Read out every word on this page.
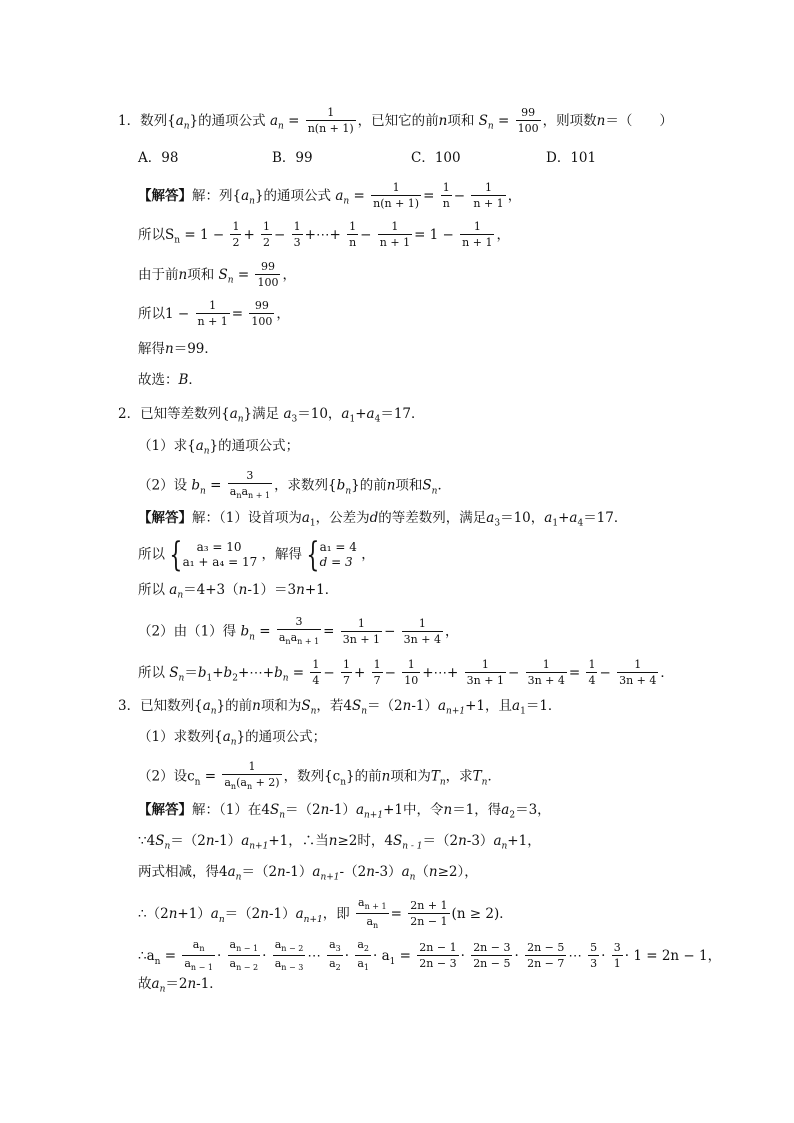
1．数列$\{a_n\}$的通项公式 $a_n = \frac{1}{n(n + 1)}$ ，已知它的前n项和 $S_n = \frac{99}{100}$ ，则项数n＝（　　）
A．98	B．99	C．100	D．101
【解答】解：列$\{a_n\}$的通项公式 $a_n = \frac{1}{n(n + 1)} = \frac{1}{n} - \frac{1}{n + 1}$ ，
所以$S_n = 1 - \frac{1}{2} + \frac{1}{2} - \frac{1}{3}$ +⋯+ $\frac{1}{n} - \frac{1}{n + 1} = 1 - \frac{1}{n + 1}$ ，
由于前n项和 $S_n = \frac{99}{100}$ ，
所以$1 - \frac{1}{n + 1} = \frac{99}{100}$ ，
解得n＝99．
故选：B．
2．已知等差数列$\{a_n\}$满足 $a_3=10$，$a_1+a_4=17$．
（1）求$\{a_n\}$的通项公式；
（2）设 $b_n = \frac{3}{a_na_{n + 1}}$ ，求数列$\{b_n\}$的前n项和$S_n$．
【解答】解：（1）设首项为$a_1$，公差为d的等差数列，满足$a_3=10$，$a_1+a_4=17$．
所以 {	a₃ = 10
a₁ + a₄ = 17 ，解得 { a₁ = 4
d = 3 ，
所以 $a_n=4+3(n-1)=3n+1$．
（2）由（1）得 $b_n = \frac{3}{a_na_{n + 1}} = \frac{1}{3n + 1} - \frac{1}{3n + 4}$ ，
所以 $S_n=b_1+b_2+\cdots+b_n = \frac{1}{4} - \frac{1}{7} + \frac{1}{7} - \frac{1}{10}$ +⋯+ $\frac{1}{3n + 1} - \frac{1}{3n + 4} = \frac{1}{4} - \frac{1}{3n + 4}$ ．
3．已知数列$\{a_n\}$的前n项和为$S_n$，若$4S_n=(2n-1)a_{n+1}+1$，且$a_1=1$．
（1）求数列$\{a_n\}$的通项公式；
（2）设$c_n = \frac{1}{a_n(a_n + 2)}$ ，数列$\{c_n\}$的前n项和为$T_n$，求$T_n$．
【解答】解：（1）在$4S_n=(2n-1)a_{n+1}+1$中，令n＝1，得$a_2=3$，
$\because 4S_n=(2n-1)a_{n+1}+1$，∴当n≥2时，$4S_{n - 1}=(2n-3)a_n+1$，
两式相减，得$4a_n=(2n-1)a_{n+1}-(2n-3)a_n(n\ge 2)$，
$\therefore(2n+1)a_n=(2n-1)a_{n+1}$，即 $\frac{a_{n + 1}}{a_n} = \frac{2n + 1}{2n - 1} (n \ge 2)$．
$\therefore a_n = \frac{a_n}{a_{n - 1}} \cdot \frac{a_{n - 1}}{a_{n - 2}} \cdot \frac{a_{n - 2}}{a_{n - 3}}$ ⋯ $\frac{a_3}{a_2} \cdot \frac{a_2}{a_1} \cdot a_1 = \frac{2n - 1}{2n - 3} \cdot \frac{2n - 3}{2n - 5} \cdot \frac{2n - 5}{2n - 7}$ ⋯ $\frac{5}{3} \cdot \frac{3}{1} \cdot 1 = 2n - 1$，
故$a_n=2n-1$．
